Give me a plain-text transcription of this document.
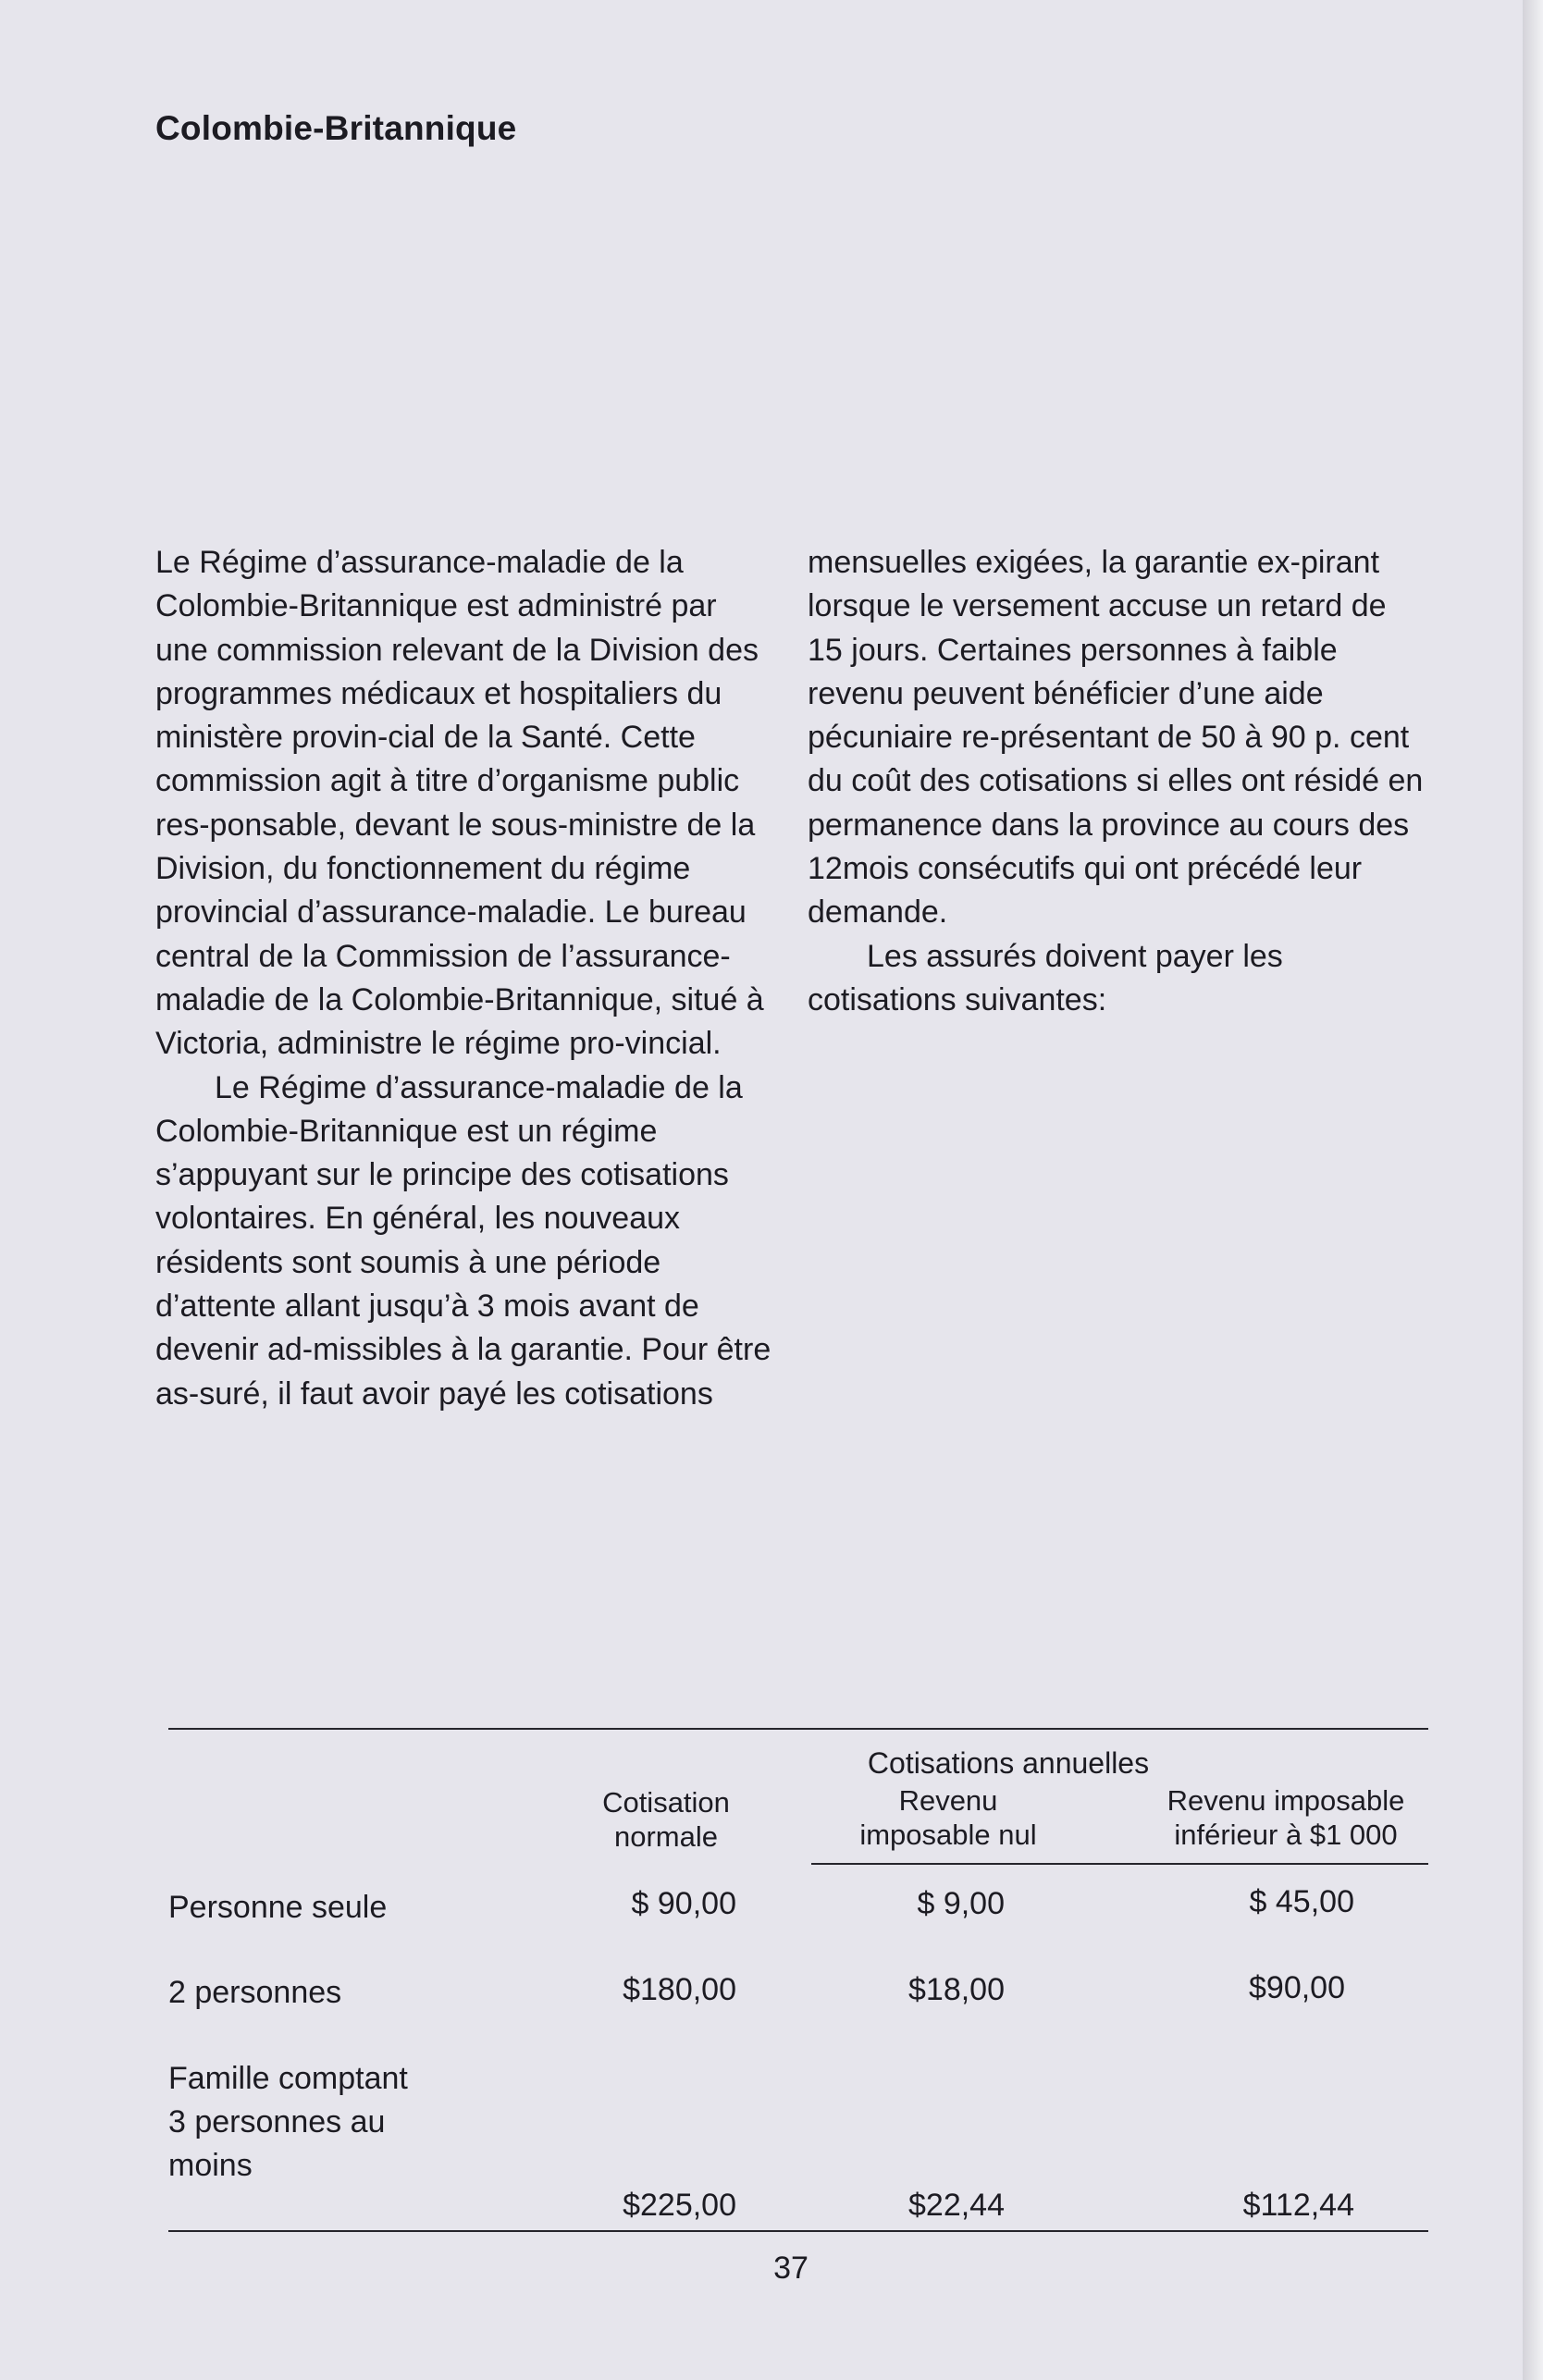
Colombie-Britannique

Le Régime d’assurance-maladie de la Colombie-Britannique est administré par une commission relevant de la Division des programmes médicaux et hospitaliers du ministère provin-cial de la Santé. Cette commission agit à titre d’organisme public res-ponsable, devant le sous-ministre de la Division, du fonctionnement du régime provincial d’assurance-maladie. Le bureau central de la Commission de l’assurance-maladie de la Colombie-Britannique, situé à Victoria, administre le régime pro-vincial.

Le Régime d’assurance-maladie de la Colombie-Britannique est un régime s’appuyant sur le principe des cotisations volontaires. En général, les nouveaux résidents sont soumis à une période d’attente allant jusqu’à 3 mois avant de devenir ad-missibles à la garantie. Pour être as-suré, il faut avoir payé les cotisations

mensuelles exigées, la garantie ex-pirant lorsque le versement accuse un retard de 15 jours. Certaines personnes à faible revenu peuvent bénéficier d’une aide pécuniaire re-présentant de 50 à 90 p. cent du coût des cotisations si elles ont résidé en permanence dans la province au cours des 12mois consécutifs qui ont précédé leur demande.

Les assurés doivent payer les cotisations suivantes:

Cotisations annuelles
Cotisation normale
Revenu imposable nul
Revenu imposable inférieur à $1 000
Personne seule	$ 90,00	$ 9,00	$ 45,00
2 personnes	$180,00	$18,00	$90,00
Famille comptant 3 personnes au moins
$225,00	$22,44	$112,44
37
